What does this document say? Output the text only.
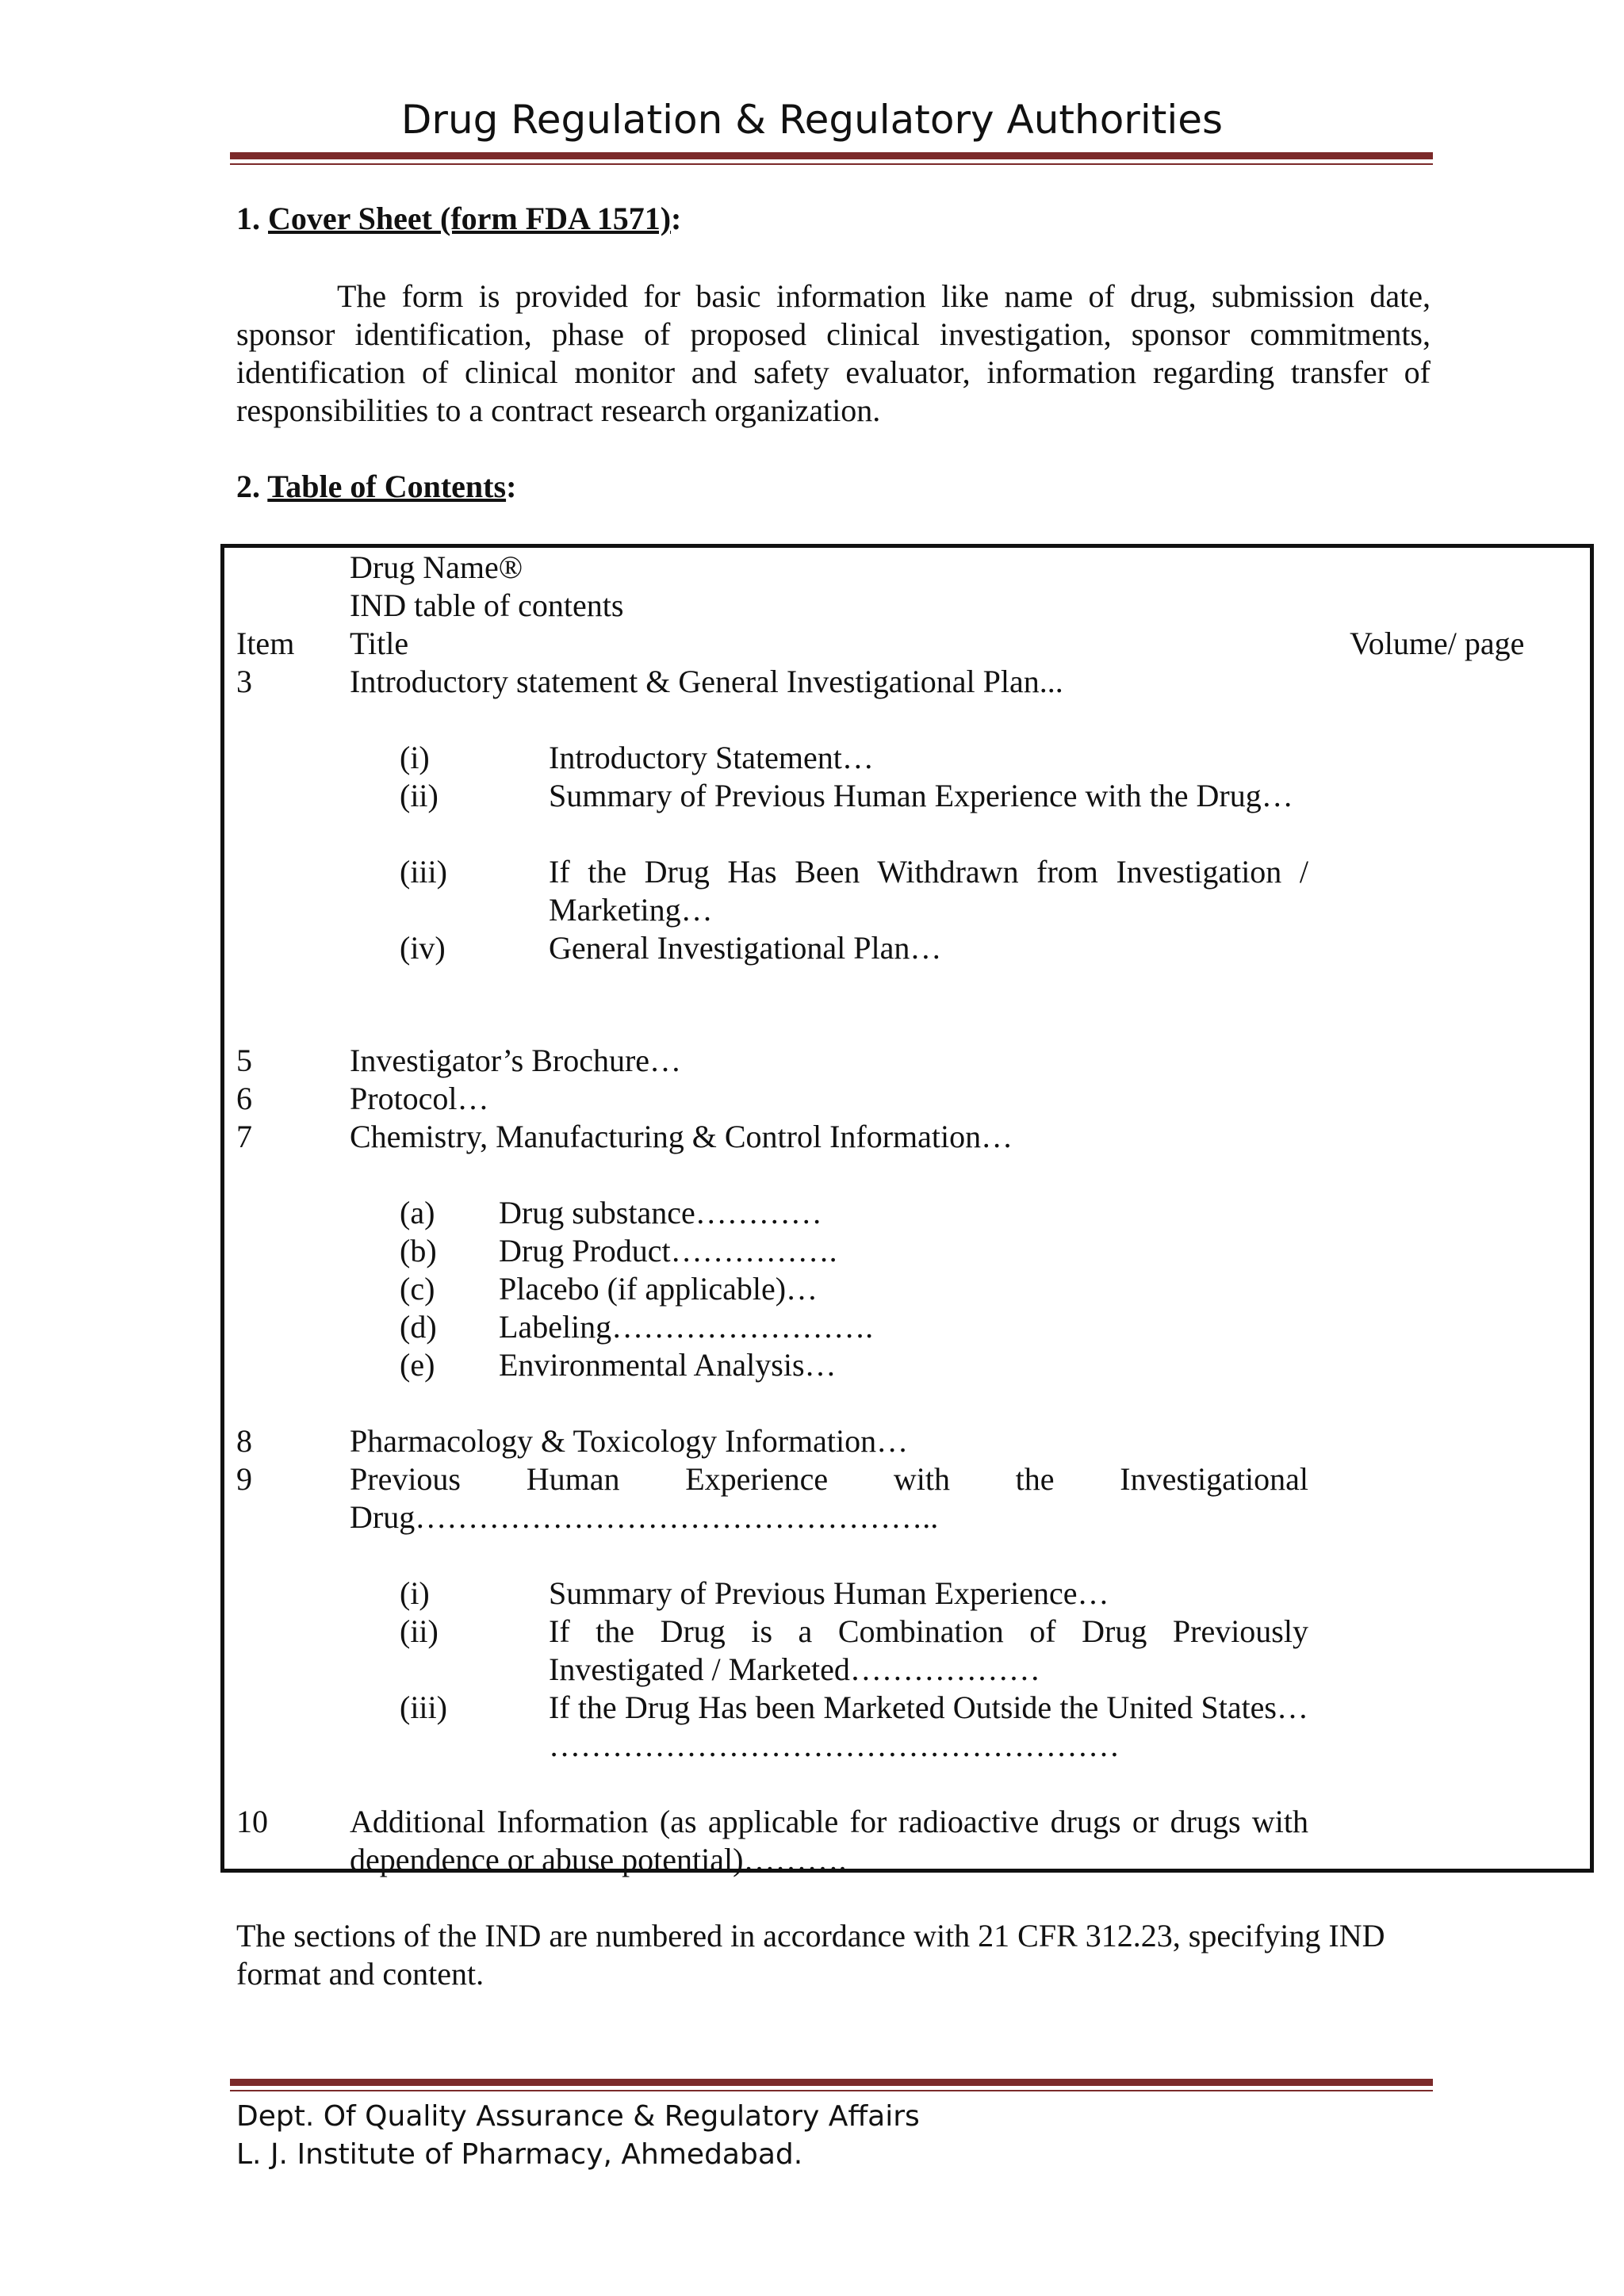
Drug Regulation & Regulatory Authorities
1. Cover Sheet (form FDA 1571):
The form is provided for basic information like name of drug, submission date, sponsor identification, phase of proposed clinical investigation, sponsor commitments, identification of clinical monitor and safety evaluator, information regarding transfer of responsibilities to a contract research organization.
2. Table of Contents:
Drug Name®
IND table of contents
Item Title	Volume/ page
3	Introductory statement & General Investigational Plan...
(i)	Introductory Statement…
(ii)	Summary of Previous Human Experience with the Drug…
(iii)	If the Drug Has Been Withdrawn from Investigation / Marketing…
(iv)	General Investigational Plan…
5	Investigator’s Brochure…
6	Protocol…
7	Chemistry, Manufacturing & Control Information…
(a) Drug substance…………
(b) Drug Product…………….
(c) Placebo (if applicable)…
(d) Labeling…………………….
(e) Environmental Analysis…
8	Pharmacology & Toxicology Information…
9	Previous Human Experience with the Investigational Drug…………………………………………..
(i)	Summary of Previous Human Experience…
(ii)	If the Drug is a Combination of Drug Previously Investigated / Marketed………………
(iii)	If the Drug Has been Marketed Outside the United States… ………………………………………………
10	Additional Information (as applicable for radioactive drugs or drugs with dependence or abuse potential)……….
The sections of the IND are numbered in accordance with 21 CFR 312.23, specifying IND format and content.
Dept. Of Quality Assurance & Regulatory Affairs
L. J. Institute of Pharmacy, Ahmedabad.
